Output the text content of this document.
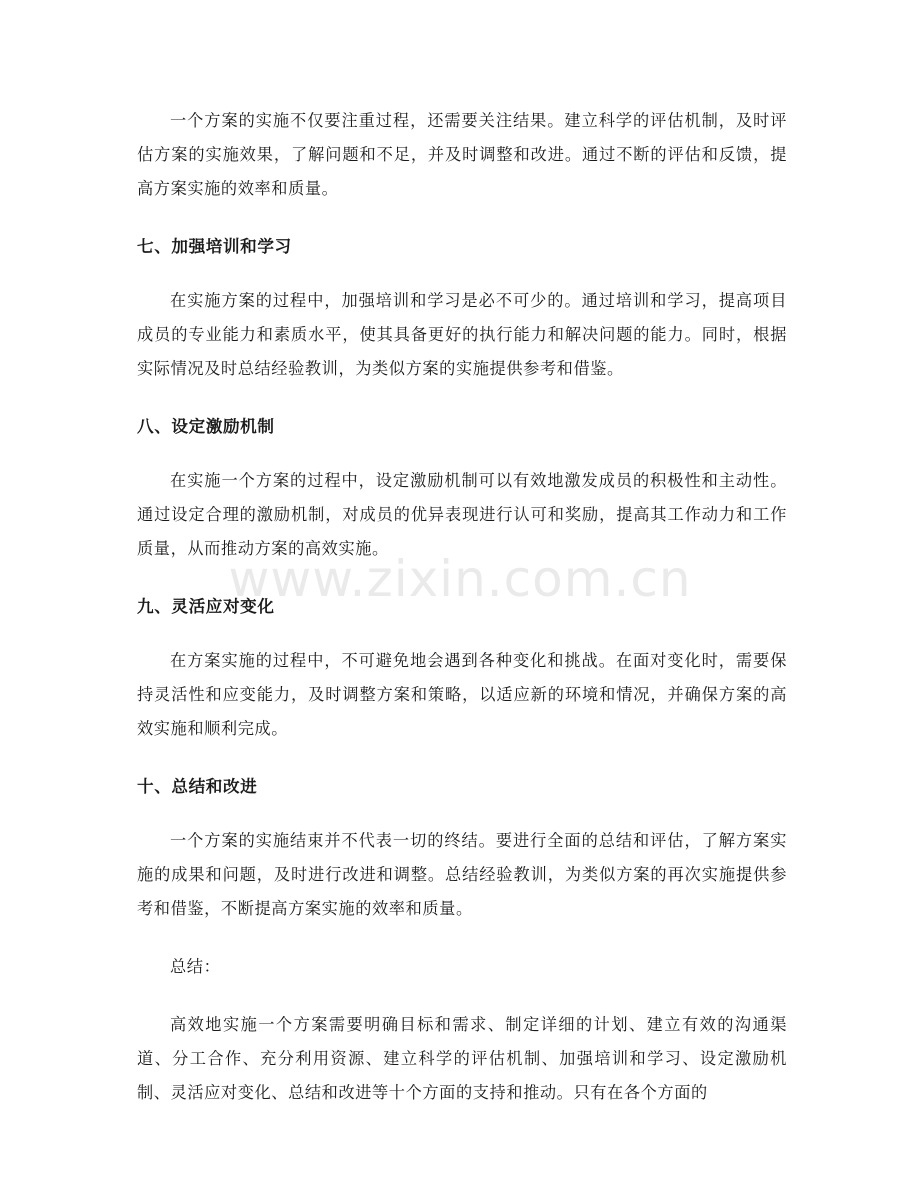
一个方案的实施不仅要注重过程，还需要关注结果。建立科学的评估机制，及时评估方案的实施效果，了解问题和不足，并及时调整和改进。通过不断的评估和反馈，提高方案实施的效率和质量。

七、加强培训和学习

在实施方案的过程中，加强培训和学习是必不可少的。通过培训和学习，提高项目成员的专业能力和素质水平，使其具备更好的执行能力和解决问题的能力。同时，根据实际情况及时总结经验教训，为类似方案的实施提供参考和借鉴。

八、设定激励机制

在实施一个方案的过程中，设定激励机制可以有效地激发成员的积极性和主动性。通过设定合理的激励机制，对成员的优异表现进行认可和奖励，提高其工作动力和工作质量，从而推动方案的高效实施。

九、灵活应对变化

在方案实施的过程中，不可避免地会遇到各种变化和挑战。在面对变化时，需要保持灵活性和应变能力，及时调整方案和策略，以适应新的环境和情况，并确保方案的高效实施和顺利完成。

十、总结和改进

一个方案的实施结束并不代表一切的终结。要进行全面的总结和评估，了解方案实施的成果和问题，及时进行改进和调整。总结经验教训，为类似方案的再次实施提供参考和借鉴，不断提高方案实施的效率和质量。

总结：

高效地实施一个方案需要明确目标和需求、制定详细的计划、建立有效的沟通渠道、分工合作、充分利用资源、建立科学的评估机制、加强培训和学习、设定激励机制、灵活应对变化、总结和改进等十个方面的支持和推动。只有在各个方面的

www.zixin.com.cn
